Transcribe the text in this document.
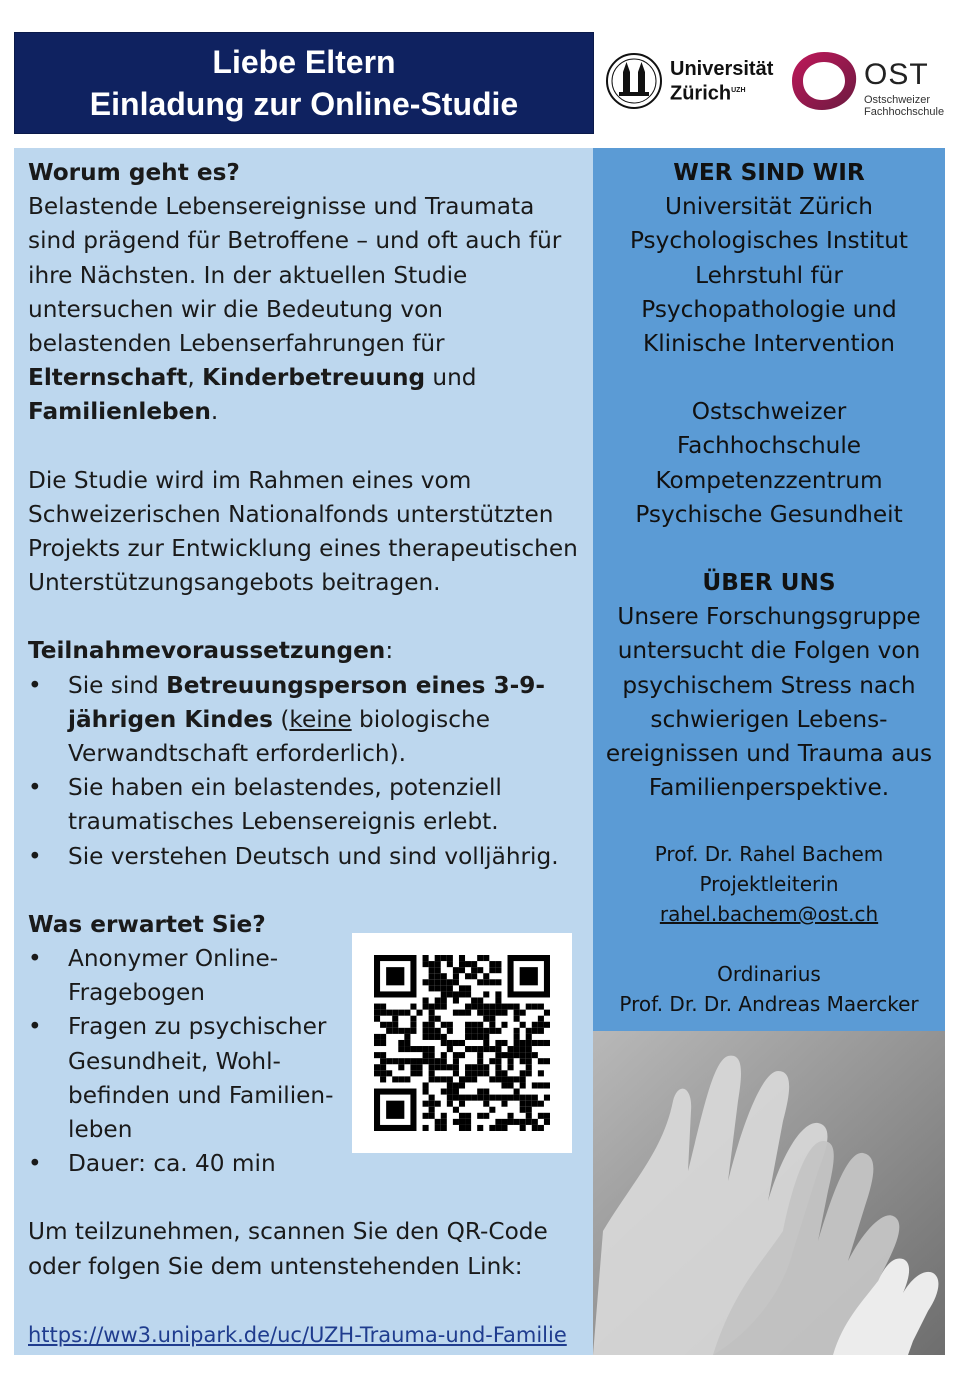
Liebe Eltern
Einladung zur Online-Studie
Universität
Zürich$^{UZH}$	OST
Ostschweizer
Fachhochschule

Worum geht es?

Belastende Lebensereignisse und Traumata sind prägend für Betroffene – und oft auch für ihre Nächsten. In der aktuellen Studie untersuchen wir die Bedeutung von belastenden Lebenserfahrungen für Elternschaft, Kinderbetreuung und Familienleben.

Die Studie wird im Rahmen eines vom Schweizerischen Nationalfonds unterstützten Projekts zur Entwicklung eines therapeutischen Unterstützungsangebots beitragen.

Teilnahmevoraussetzungen:

• Sie sind Betreuungsperson eines 3-9-jährigen Kindes (keine biologische Verwandtschaft erforderlich).
• Sie haben ein belastendes, potenziell traumatisches Lebensereignis erlebt.
• Sie verstehen Deutsch und sind volljährig.

Was erwartet Sie?

• Anonymer Online-Fragebogen
• Fragen zu psychischer Gesundheit, Wohl-befinden und Familien-leben
• Dauer: ca. 40 min

Um teilzunehmen, scannen Sie den QR-Code oder folgen Sie dem untenstehenden Link:

https://ww3.unipark.de/uc/UZH-Trauma-und-Familie

WER SIND WIR

Universität Zürich

Psychologisches Institut

Lehrstuhl für

Psychopathologie und

Klinische Intervention

Ostschweizer

Fachhochschule

Kompetenzzentrum

Psychische Gesundheit

ÜBER UNS

Unsere Forschungsgruppe

untersucht die Folgen von

psychischem Stress nach

schwierigen Lebens-

ereignissen und Trauma aus

Familienperspektive.

Prof. Dr. Rahel Bachem

Projektleiterin

rahel.bachem@ost.ch

Ordinarius

Prof. Dr. Dr. Andreas Maercker
